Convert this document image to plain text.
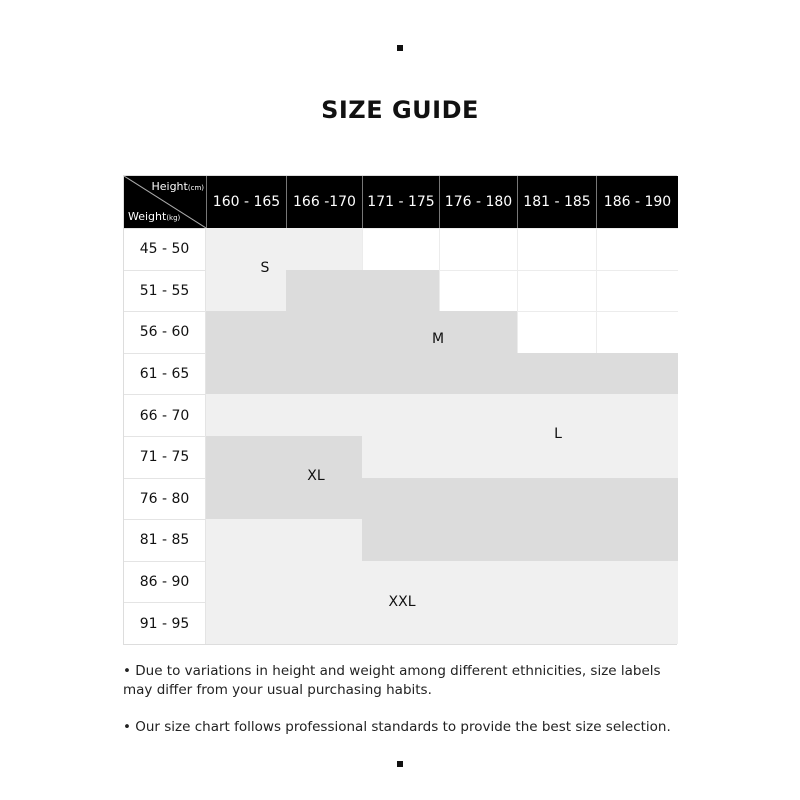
SIZE GUIDE
Height(cm)
Weight(kg)
160 - 165 166 -170 171 - 175 176 - 180 181 - 185 186 - 190
45 - 50
51 - 55
56 - 60
61 - 65
66 - 70
71 - 75
76 - 80
81 - 85
86 - 90
91 - 95
S
M
L
XL
XXL
• Due to variations in height and weight among different ethnicities, size labels may differ from your usual purchasing habits.
• Our size chart follows professional standards to provide the best size selection.
